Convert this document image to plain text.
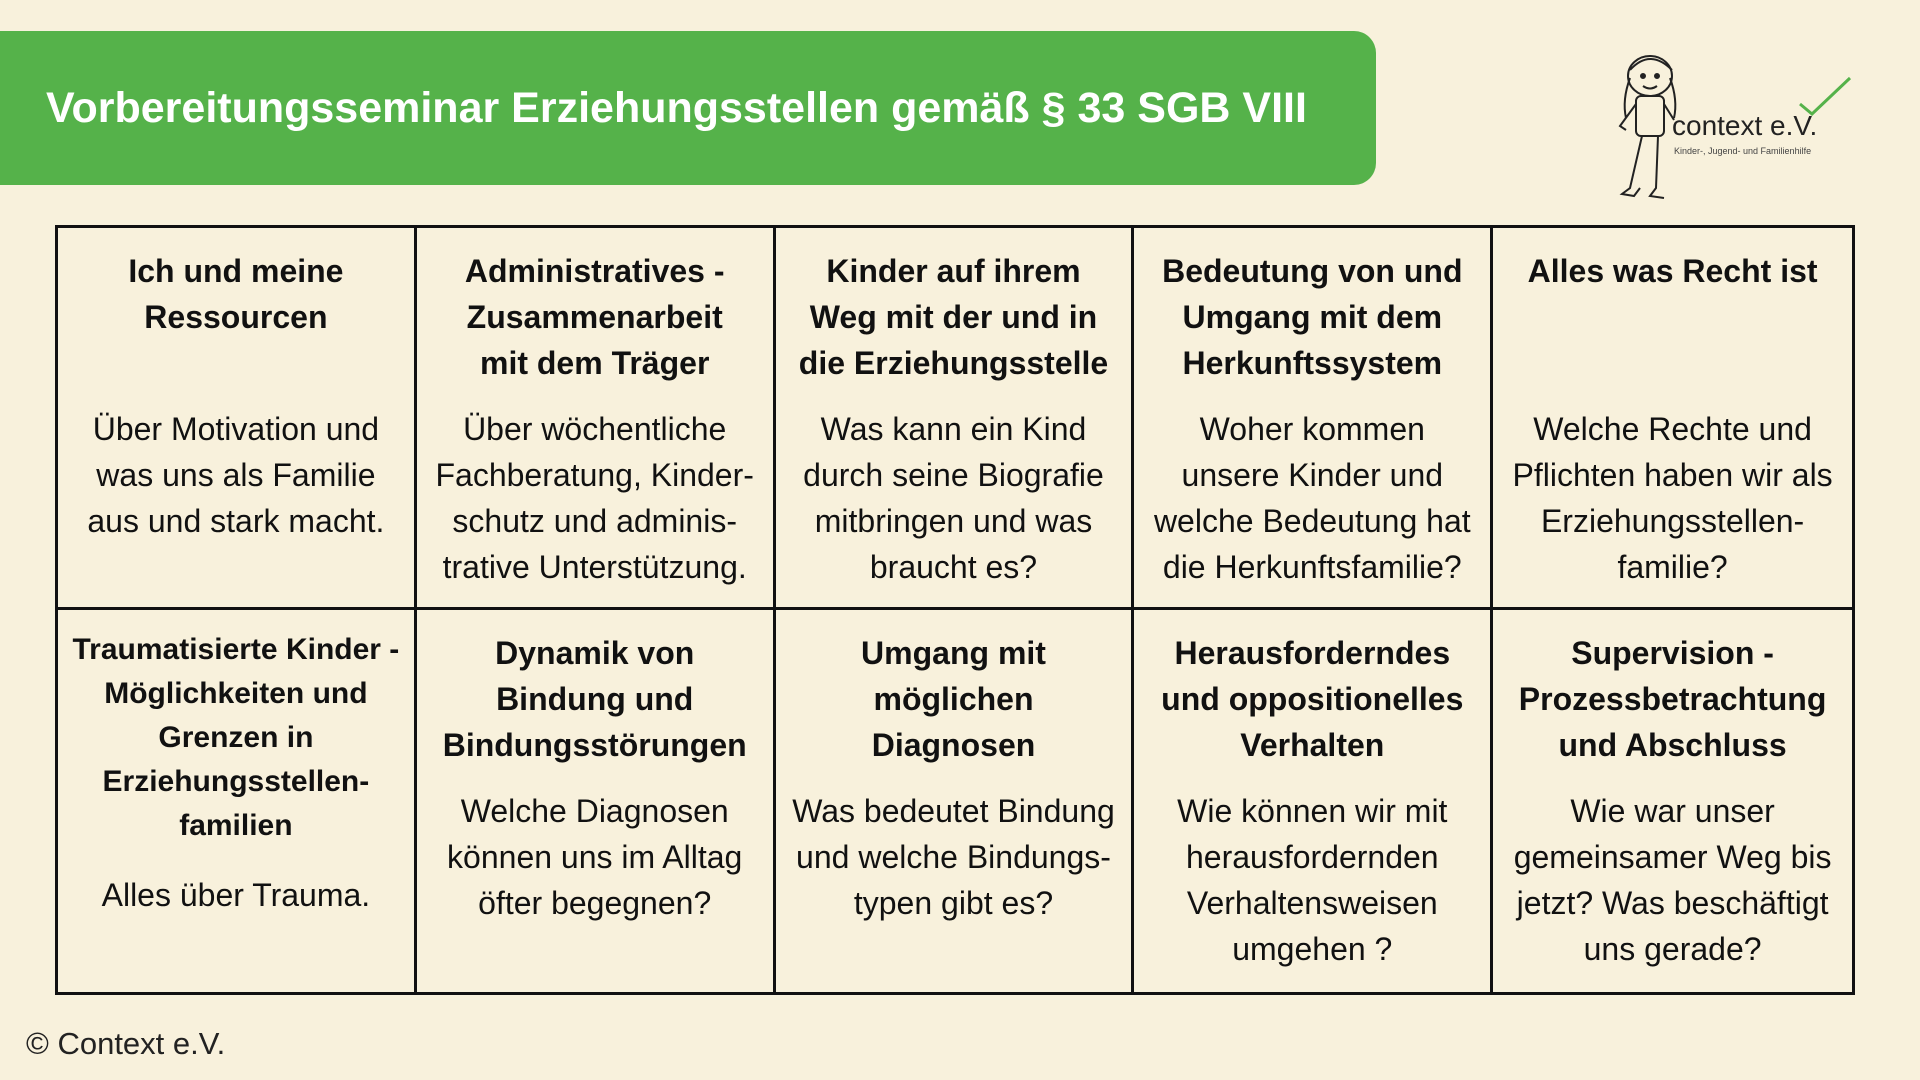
Vorbereitungsseminar Erziehungsstellen gemäß § 33 SGB VIII	context e.V.
Kinder-, Jugend- und Familienhilfe
Ich und meine
Ressourcen
Über Motivation und
was uns als Familie
aus und stark macht.
Administratives -
Zusammenarbeit
mit dem Träger
Über wöchentliche
Fachberatung, Kinder-
schutz und adminis-
trative Unterstützung.
Kinder auf ihrem
Weg mit der und in
die Erziehungsstelle
Was kann ein Kind
durch seine Biografie
mitbringen und was
braucht es?
Bedeutung von und
Umgang mit dem
Herkunftssystem
Woher kommen
unsere Kinder und
welche Bedeutung hat
die Herkunftsfamilie?
Alles was Recht ist
Welche Rechte und
Pflichten haben wir als
Erziehungsstellen-
familie?
Traumatisierte Kinder -
Möglichkeiten und
Grenzen in
Erziehungsstellen-
familien
Alles über Trauma.
Dynamik von
Bindung und
Bindungsstörungen
Welche Diagnosen
können uns im Alltag
öfter begegnen?
Umgang mit
möglichen
Diagnosen
Was bedeutet Bindung
und welche Bindungs-
typen gibt es?
Herausforderndes
und oppositionelles
Verhalten
Wie können wir mit
herausfordernden
Verhaltensweisen
umgehen ?
Supervision -
Prozessbetrachtung
und Abschluss
Wie war unser
gemeinsamer Weg bis
jetzt? Was beschäftigt
uns gerade?
© Context e.V.
